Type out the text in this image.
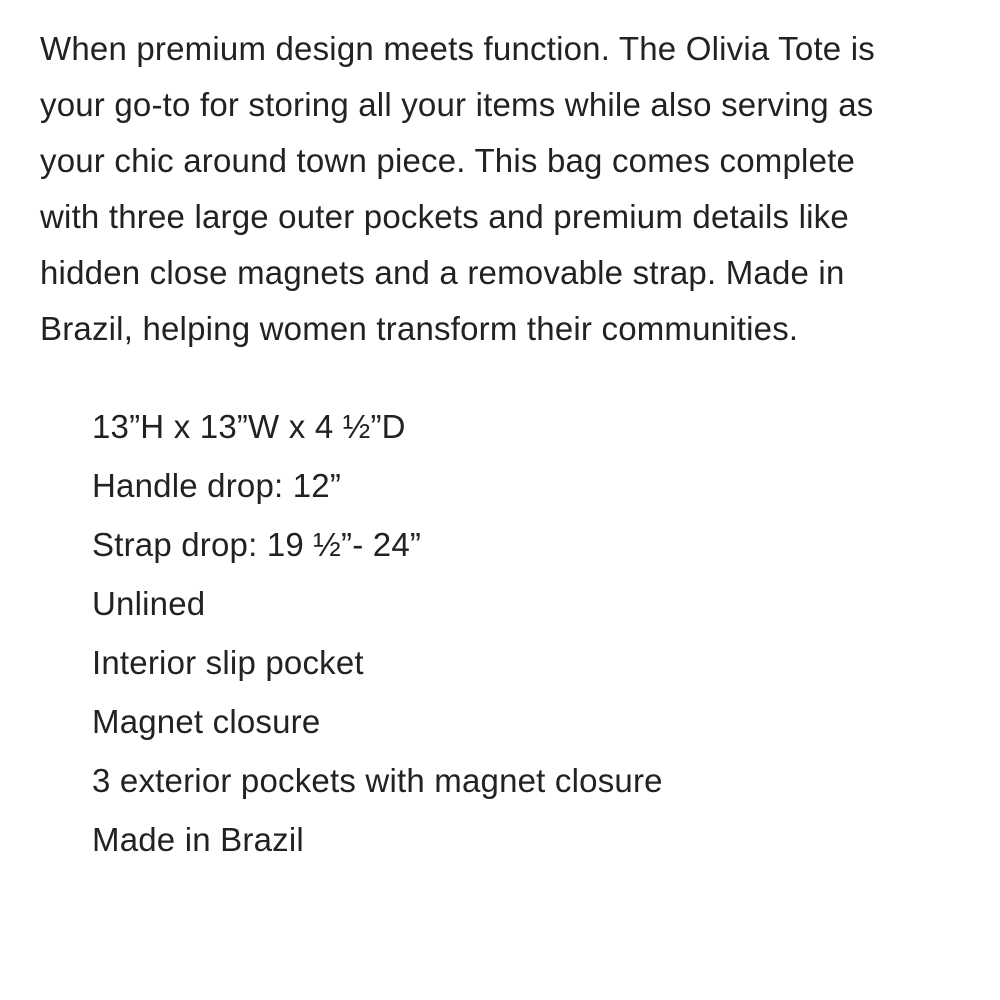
When premium design meets function. The Olivia Tote is
your go-to for storing all your items while also serving as
your chic around town piece. This bag comes complete
with three large outer pockets and premium details like
hidden close magnets and a removable strap. Made in
Brazil, helping women transform their communities.
13”H x 13”W x 4 ½”D
Handle drop: 12”
Strap drop: 19 ½”- 24”
Unlined
Interior slip pocket
Magnet closure
3 exterior pockets with magnet closure
Made in Brazil
